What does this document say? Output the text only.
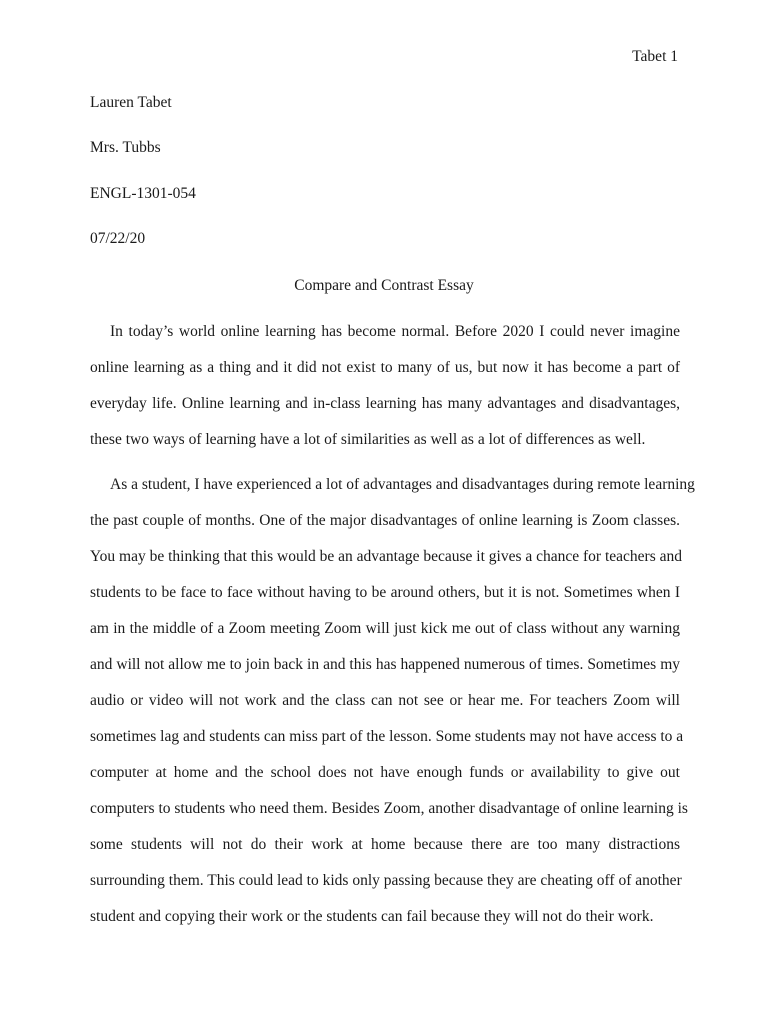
Tabet 1
Lauren Tabet
Mrs. Tubbs
ENGL-1301-054
07/22/20
Compare and Contrast Essay
In today’s world online learning has become normal. Before 2020 I could never imagine
online learning as a thing and it did not exist to many of us, but now it has become a part of
everyday life. Online learning and in-class learning has many advantages and disadvantages,
these two ways of learning have a lot of similarities as well as a lot of differences as well.
As a student, I have experienced a lot of advantages and disadvantages during remote learning
the past couple of months. One of the major disadvantages of online learning is Zoom classes.
You may be thinking that this would be an advantage because it gives a chance for teachers and
students to be face to face without having to be around others, but it is not. Sometimes when I
am in the middle of a Zoom meeting Zoom will just kick me out of class without any warning
and will not allow me to join back in and this has happened numerous of times. Sometimes my
audio or video will not work and the class can not see or hear me. For teachers Zoom will
sometimes lag and students can miss part of the lesson. Some students may not have access to a
computer at home and the school does not have enough funds or availability to give out
computers to students who need them. Besides Zoom, another disadvantage of online learning is
some students will not do their work at home because there are too many distractions
surrounding them. This could lead to kids only passing because they are cheating off of another
student and copying their work or the students can fail because they will not do their work.
